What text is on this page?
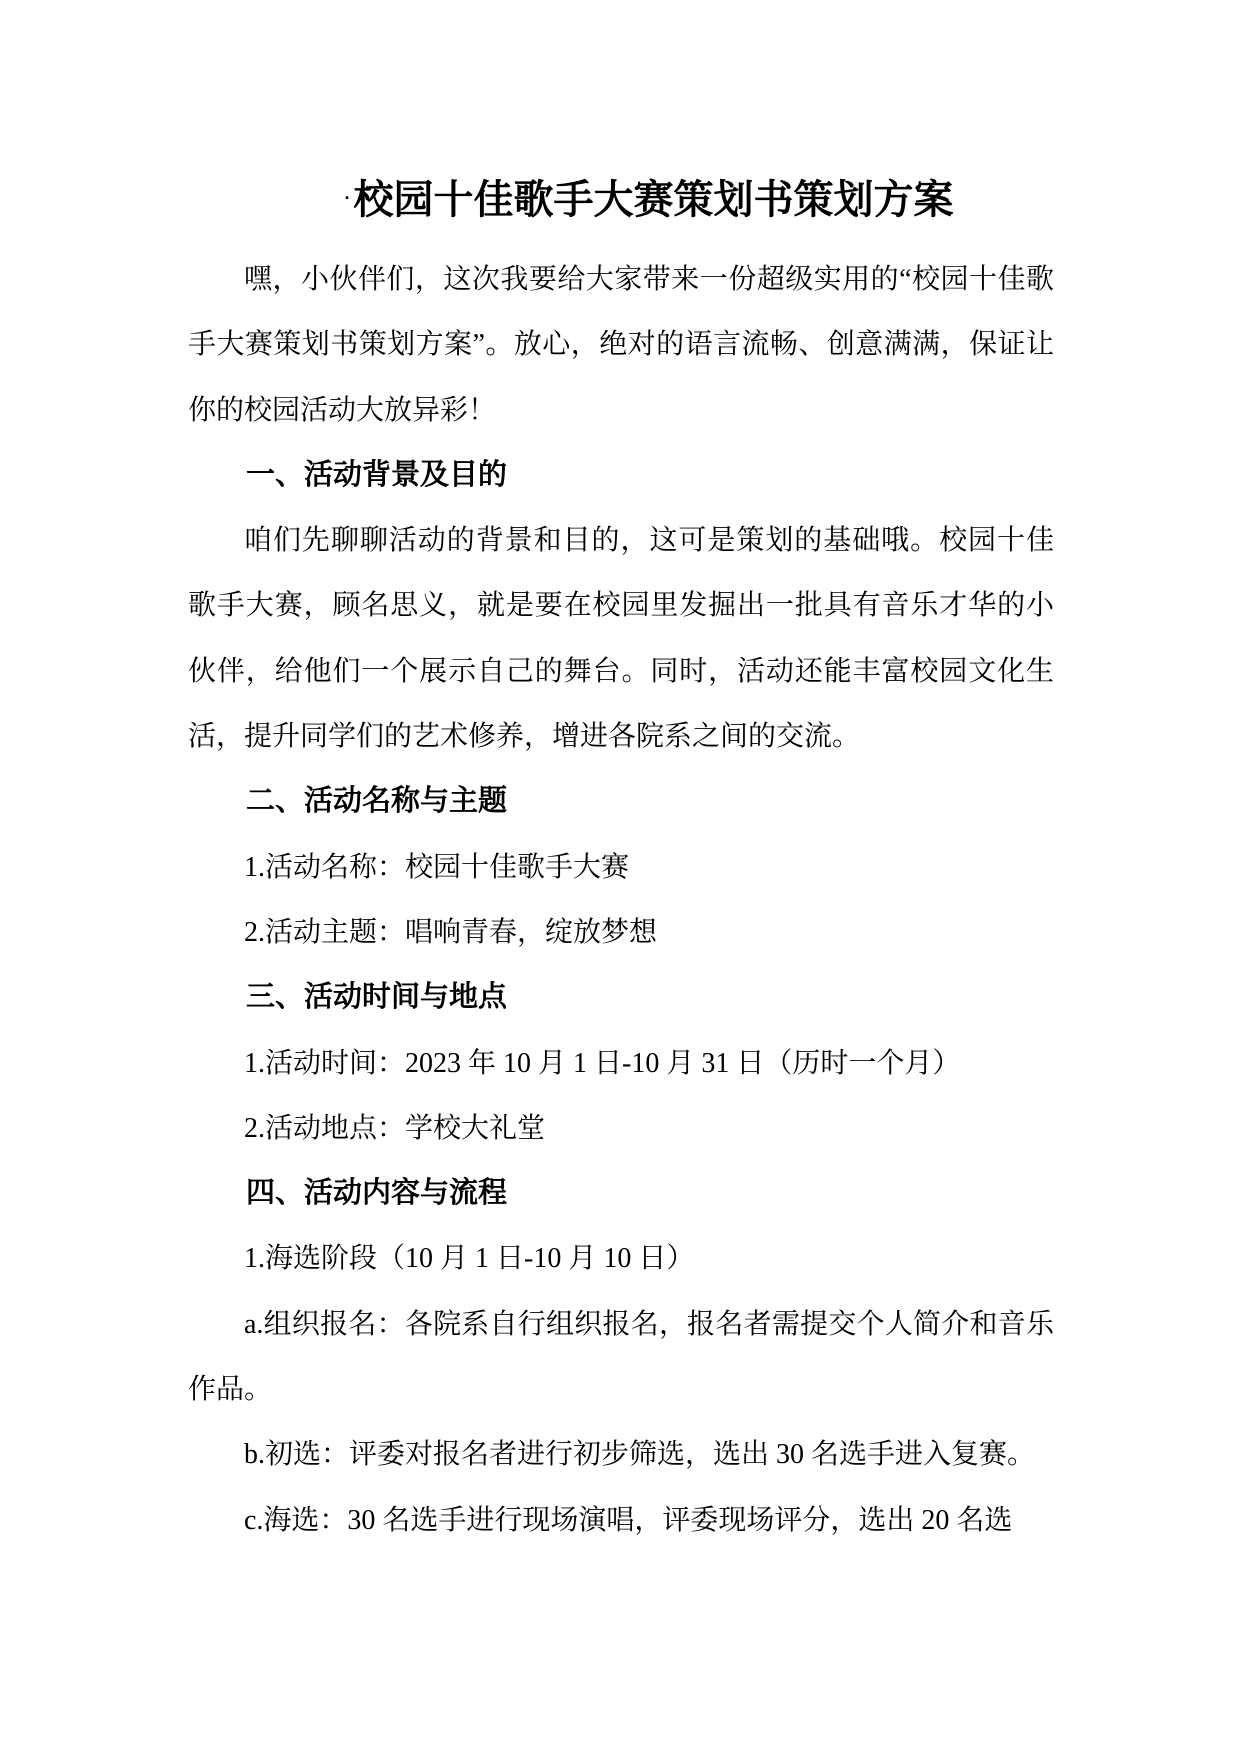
·校园十佳歌手大赛策划书策划方案
嘿，小伙伴们，这次我要给大家带来一份超级实用的“校园十佳歌手大赛策划书策划方案”。放心，绝对的语言流畅、创意满满，保证让你的校园活动大放异彩！
一、活动背景及目的
咱们先聊聊活动的背景和目的，这可是策划的基础哦。校园十佳歌手大赛，顾名思义，就是要在校园里发掘出一批具有音乐才华的小伙伴，给他们一个展示自己的舞台。同时，活动还能丰富校园文化生活，提升同学们的艺术修养，增进各院系之间的交流。
二、活动名称与主题
1.活动名称：校园十佳歌手大赛
2.活动主题：唱响青春，绽放梦想
三、活动时间与地点
1.活动时间：2023 年 10 月 1 日-10 月 31 日（历时一个月）
2.活动地点：学校大礼堂
四、活动内容与流程
1.海选阶段（10 月 1 日-10 月 10 日）
a.组织报名：各院系自行组织报名，报名者需提交个人简介和音乐作品。
b.初选：评委对报名者进行初步筛选，选出 30 名选手进入复赛。
c.海选：30 名选手进行现场演唱，评委现场评分，选出 20 名选
